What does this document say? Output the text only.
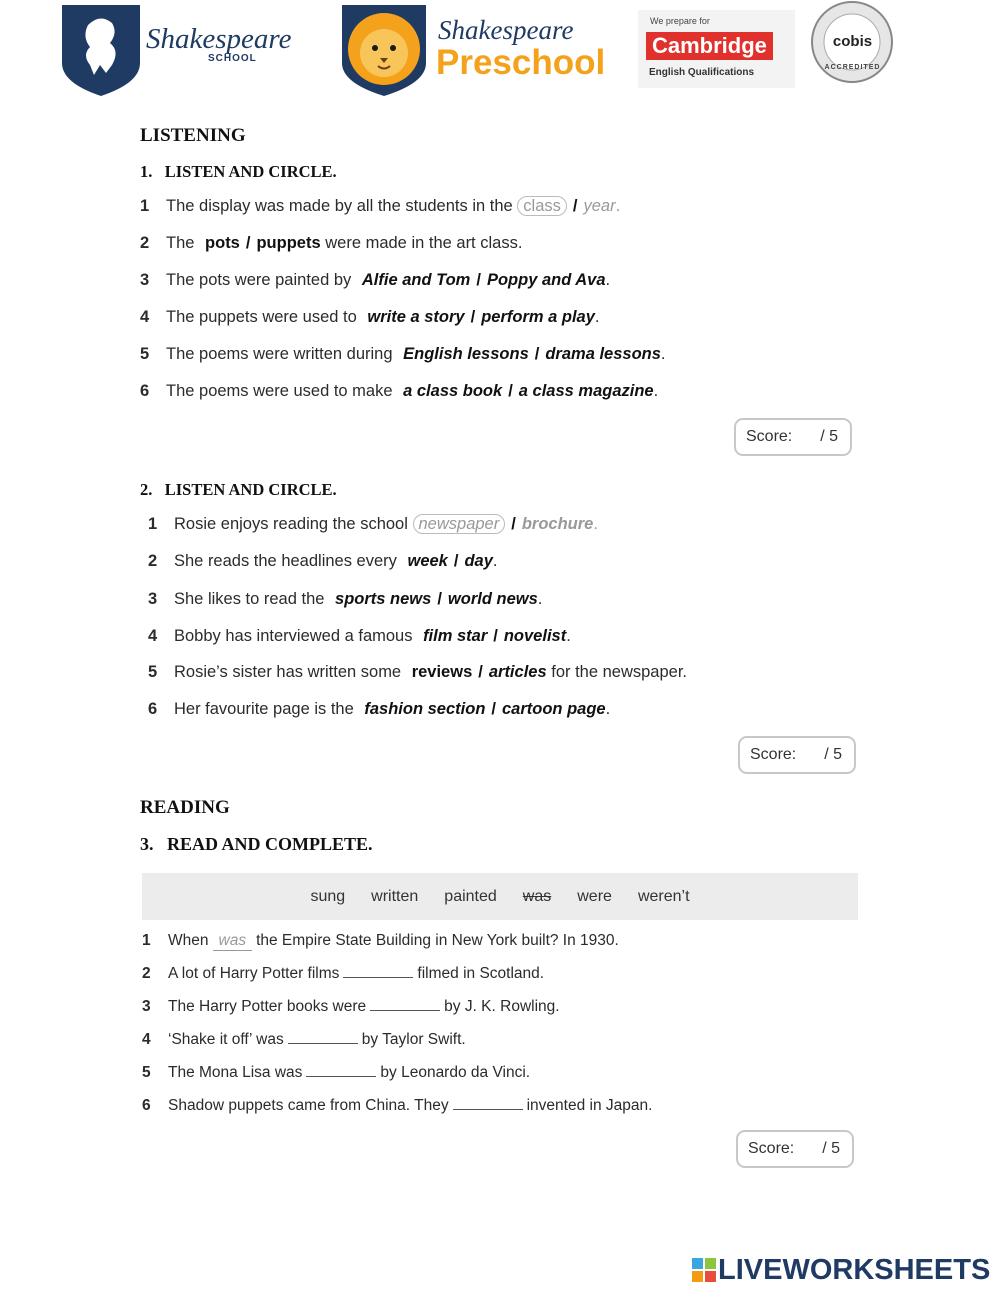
Shakespeare
SCHOOL
Shakespeare
Preschool
We prepare for
Cambridge
English Qualifications
cobis
ACCREDITED
LISTENING
1.   LISTEN AND CIRCLE.
1 The display was made by all the students in the class / year.
2 The pots / puppets were made in the art class.
3 The pots were painted by Alfie and Tom / Poppy and Ava.
4 The puppets were used to write a story / perform a play.
5 The poems were written during English lessons / drama lessons.
6 The poems were used to make a class book / a class magazine.
Score: / 5
2.   LISTEN AND CIRCLE.
1 Rosie enjoys reading the school newspaper / brochure.
2 She reads the headlines every week / day.
3 She likes to read the sports news / world news.
4 Bobby has interviewed a famous film star / novelist.
5 Rosie’s sister has written some reviews / articles for the newspaper.
6 Her favourite page is the fashion section / cartoon page.
Score: / 5
READING
3.   READ AND COMPLETE.
sung written painted was were weren’t
1 When was the Empire State Building in New York built? In 1930.
2 A lot of Harry Potter films	filmed in Scotland.
3 The Harry Potter books were	by J. K. Rowling.
4 ‘Shake it off’ was	by Taylor Swift.
5 The Mona Lisa was	by Leonardo da Vinci.
6 Shadow puppets came from China. They	invented in Japan.
Score: / 5
LIVEWORKSHEETS
